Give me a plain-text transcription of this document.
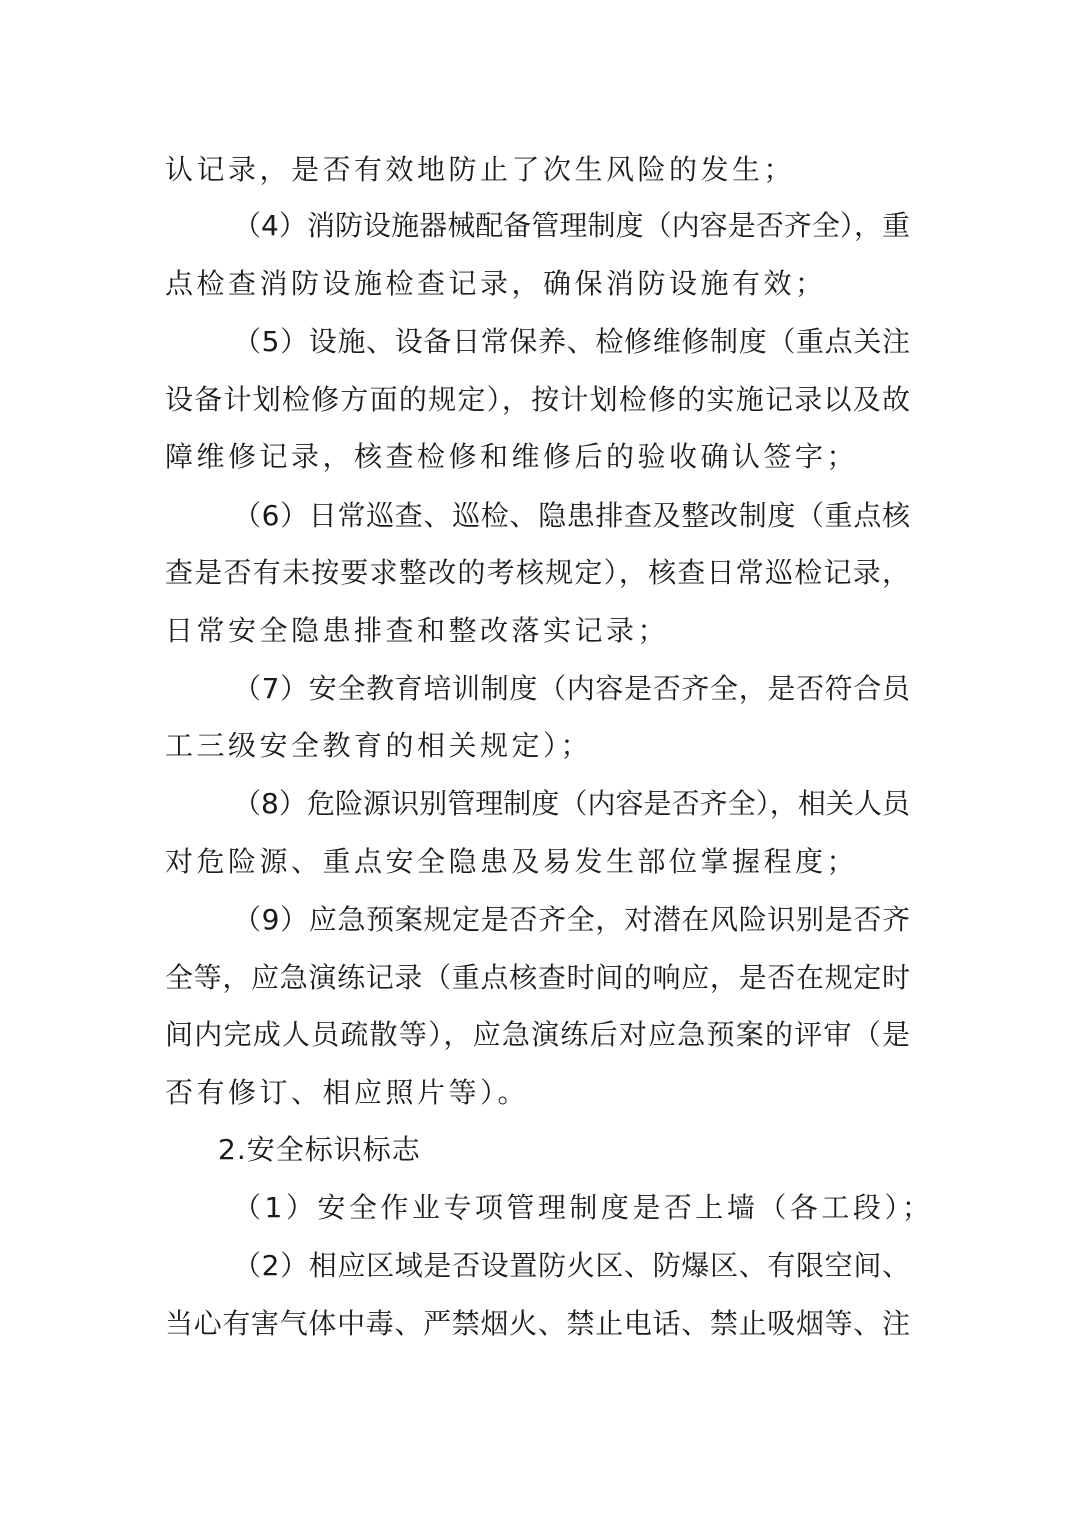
认记录，是否有效地防止了次生风险的发生；
（4）消防设施器械配备管理制度（内容是否齐全），重
点检查消防设施检查记录，确保消防设施有效；
（5）设施、设备日常保养、检修维修制度（重点关注
设备计划检修方面的规定），按计划检修的实施记录以及故
障维修记录，核查检修和维修后的验收确认签字；
（6）日常巡查、巡检、隐患排查及整改制度（重点核
查是否有未按要求整改的考核规定），核查日常巡检记录，
日常安全隐患排查和整改落实记录；
（7）安全教育培训制度（内容是否齐全，是否符合员
工三级安全教育的相关规定）；
（8）危险源识别管理制度（内容是否齐全），相关人员
对危险源、重点安全隐患及易发生部位掌握程度；
（9）应急预案规定是否齐全，对潜在风险识别是否齐
全等，应急演练记录（重点核查时间的响应，是否在规定时
间内完成人员疏散等），应急演练后对应急预案的评审（是
否有修订、相应照片等）。
2.安全标识标志
（1）安全作业专项管理制度是否上墙（各工段）；
（2）相应区域是否设置防火区、防爆区、有限空间、
当心有害气体中毒、严禁烟火、禁止电话、禁止吸烟等、注
